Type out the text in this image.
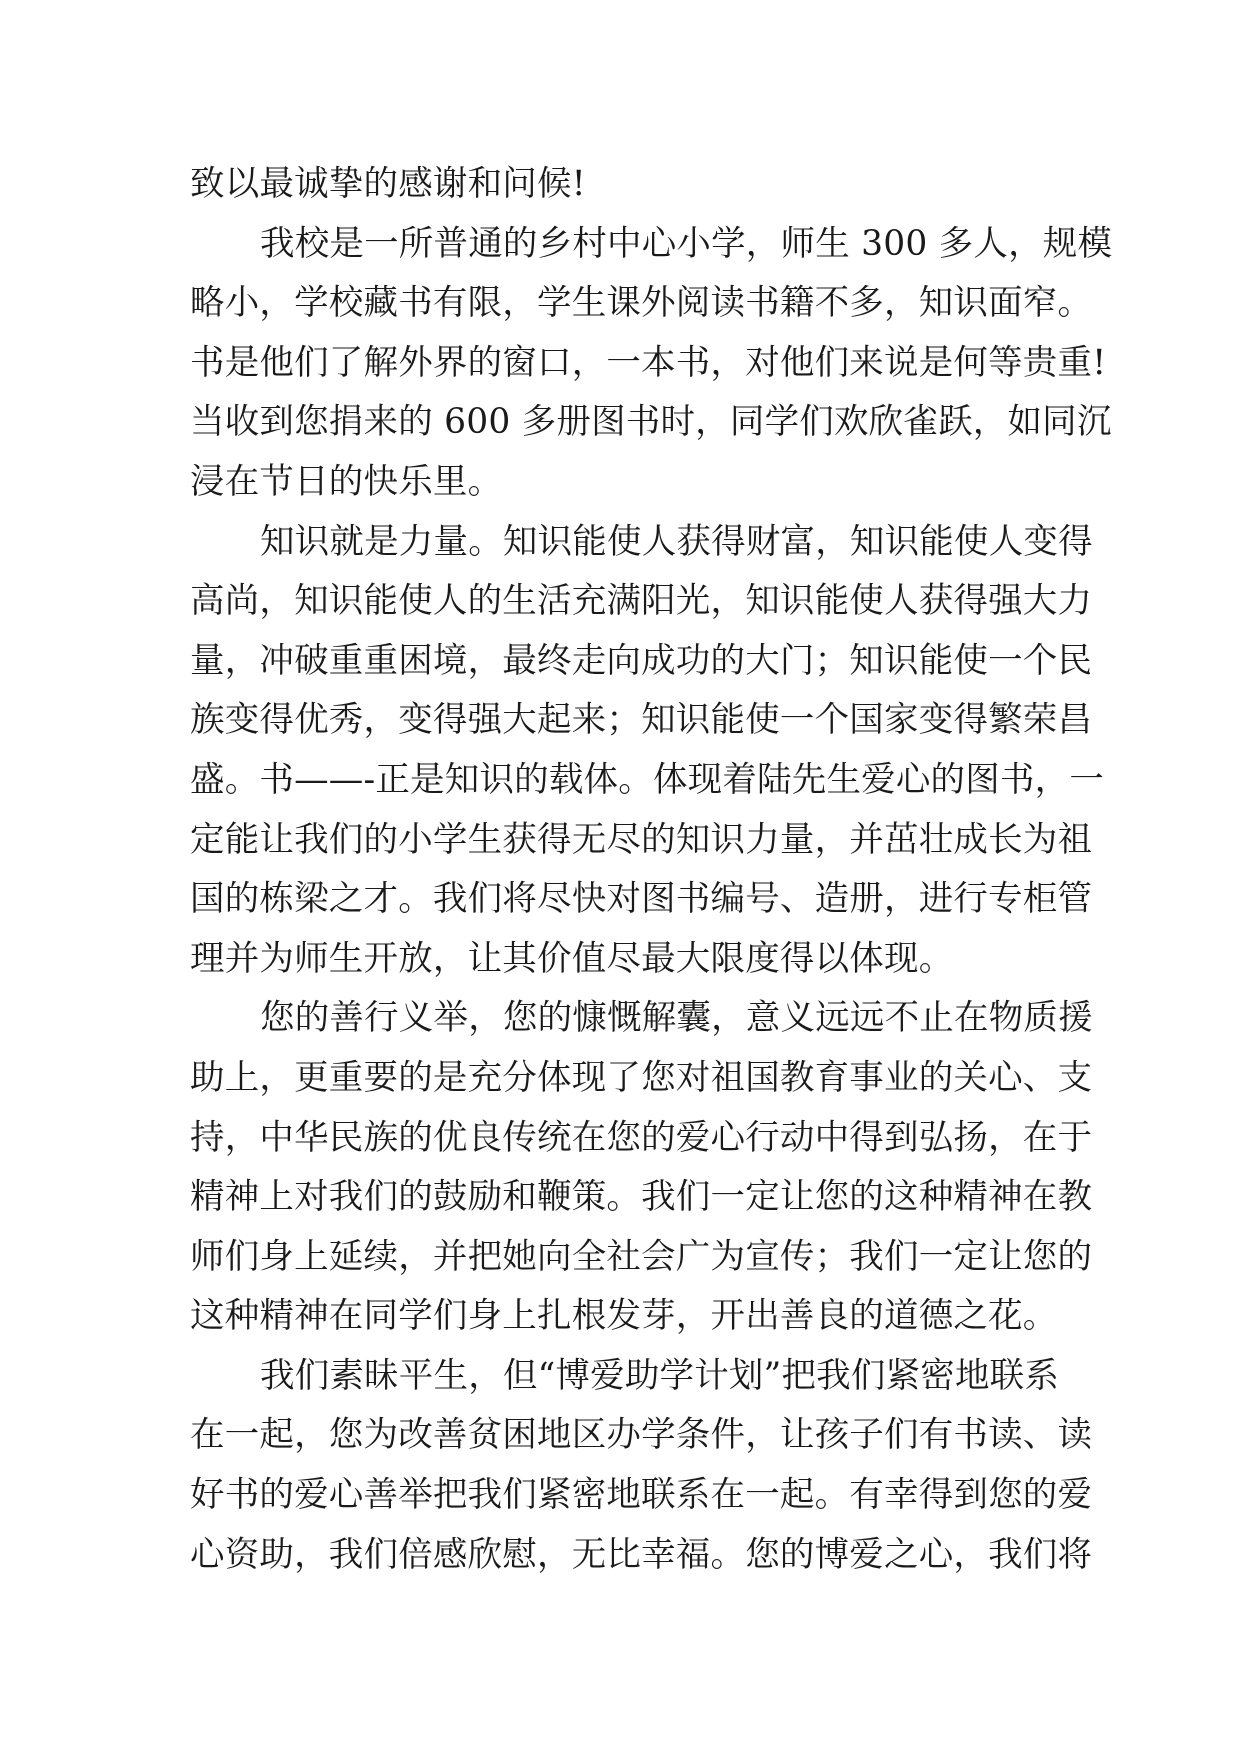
致以最诚挚的感谢和问候!
我校是一所普通的乡村中心小学，师生 300 多人，规模
略小，学校藏书有限，学生课外阅读书籍不多，知识面窄。
书是他们了解外界的窗口，一本书，对他们来说是何等贵重!
当收到您捐来的 600 多册图书时，同学们欢欣雀跃，如同沉
浸在节日的快乐里。
知识就是力量。知识能使人获得财富，知识能使人变得
高尚，知识能使人的生活充满阳光，知识能使人获得强大力
量，冲破重重困境，最终走向成功的大门；知识能使一个民
族变得优秀，变得强大起来；知识能使一个国家变得繁荣昌
盛。书——-正是知识的载体。体现着陆先生爱心的图书，一
定能让我们的小学生获得无尽的知识力量，并茁壮成长为祖
国的栋梁之才。我们将尽快对图书编号、造册，进行专柜管
理并为师生开放，让其价值尽最大限度得以体现。
您的善行义举，您的慷慨解囊，意义远远不止在物质援
助上，更重要的是充分体现了您对祖国教育事业的关心、支
持，中华民族的优良传统在您的爱心行动中得到弘扬，在于
精神上对我们的鼓励和鞭策。我们一定让您的这种精神在教
师们身上延续，并把她向全社会广为宣传；我们一定让您的
这种精神在同学们身上扎根发芽，开出善良的道德之花。
我们素昧平生，但“博爱助学计划”把我们紧密地联系
在一起，您为改善贫困地区办学条件，让孩子们有书读、读
好书的爱心善举把我们紧密地联系在一起。有幸得到您的爱
心资助，我们倍感欣慰，无比幸福。您的博爱之心，我们将
